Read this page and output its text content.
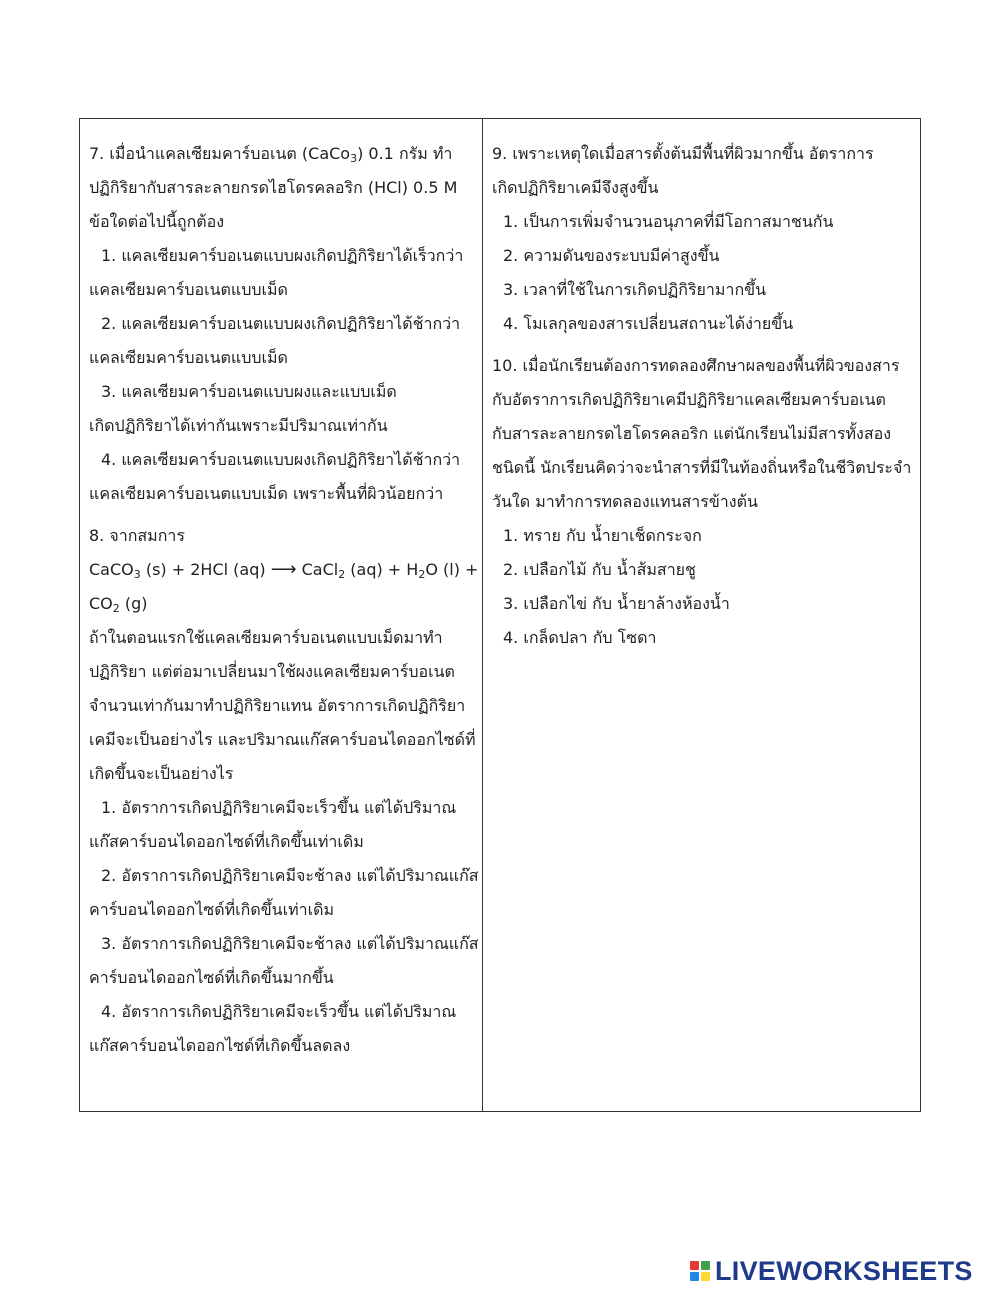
7. เมื่อนำแคลเซียมคาร์บอเนต (CaCo$_3$) 0.1 กรัม ทำ
ปฏิกิริยากับสารละลายกรดไฮโดรคลอริก (HCl) 0.5 M
ข้อใดต่อไปนี้ถูกต้อง
1. แคลเซียมคาร์บอเนตแบบผงเกิดปฏิกิริยาได้เร็วกว่า
แคลเซียมคาร์บอเนตแบบเม็ด
2. แคลเซียมคาร์บอเนตแบบผงเกิดปฏิกิริยาได้ช้ากว่า
แคลเซียมคาร์บอเนตแบบเม็ด
3. แคลเซียมคาร์บอเนตแบบผงและแบบเม็ด
เกิดปฏิกิริยาได้เท่ากันเพราะมีปริมาณเท่ากัน
4. แคลเซียมคาร์บอเนตแบบผงเกิดปฏิกิริยาได้ช้ากว่า
แคลเซียมคาร์บอเนตแบบเม็ด เพราะพื้นที่ผิวน้อยกว่า
8. จากสมการ
CaCO$_3$ (s) + 2HCl (aq) ⟶ CaCl$_2$ $(aq) + H_2O$ (l) +
$CO_2$ (g)
ถ้าในตอนแรกใช้แคลเซียมคาร์บอเนตแบบเม็ดมาทำ
ปฏิกิริยา แต่ต่อมาเปลี่ยนมาใช้ผงแคลเซียมคาร์บอเนต
จำนวนเท่ากันมาทำปฏิกิริยาแทน อัตราการเกิดปฏิกิริยา
เคมีจะเป็นอย่างไร และปริมาณแก๊สคาร์บอนไดออกไซด์ที่
เกิดขึ้นจะเป็นอย่างไร
1. อัตราการเกิดปฏิกิริยาเคมีจะเร็วขึ้น แต่ได้ปริมาณ
แก๊สคาร์บอนไดออกไซด์ที่เกิดขึ้นเท่าเดิม
2. อัตราการเกิดปฏิกิริยาเคมีจะช้าลง แต่ได้ปริมาณแก๊ส
คาร์บอนไดออกไซด์ที่เกิดขึ้นเท่าเดิม
3. อัตราการเกิดปฏิกิริยาเคมีจะช้าลง แต่ได้ปริมาณแก๊ส
คาร์บอนไดออกไซด์ที่เกิดขึ้นมากขึ้น
4. อัตราการเกิดปฏิกิริยาเคมีจะเร็วขึ้น แต่ได้ปริมาณ
แก๊สคาร์บอนไดออกไซด์ที่เกิดขึ้นลดลง
9. เพราะเหตุใดเมื่อสารตั้งต้นมีพื้นที่ผิวมากขึ้น อัตราการ
เกิดปฏิกิริยาเคมีจึงสูงขึ้น
1. เป็นการเพิ่มจำนวนอนุภาคที่มีโอกาสมาชนกัน
2. ความดันของระบบมีค่าสูงขึ้น
3. เวลาที่ใช้ในการเกิดปฏิกิริยามากขึ้น
4. โมเลกุลของสารเปลี่ยนสถานะได้ง่ายขึ้น
10. เมื่อนักเรียนต้องการทดลองศึกษาผลของพื้นที่ผิวของสาร
กับอัตราการเกิดปฏิกิริยาเคมีปฏิกิริยาแคลเซียมคาร์บอเนต
กับสารละลายกรดไฮโดรคลอริก แต่นักเรียนไม่มีสารทั้งสอง
ชนิดนี้ นักเรียนคิดว่าจะนำสารที่มีในท้องถิ่นหรือในชีวิตประจำ
วันใด มาทำการทดลองแทนสารข้างต้น
1. ทราย กับ น้ำยาเช็ดกระจก
2. เปลือกไม้ กับ น้ำส้มสายชู
3. เปลือกไข่ กับ น้ำยาล้างห้องน้ำ
4. เกล็ดปลา กับ โซดา
LIVEWORKSHEETS
